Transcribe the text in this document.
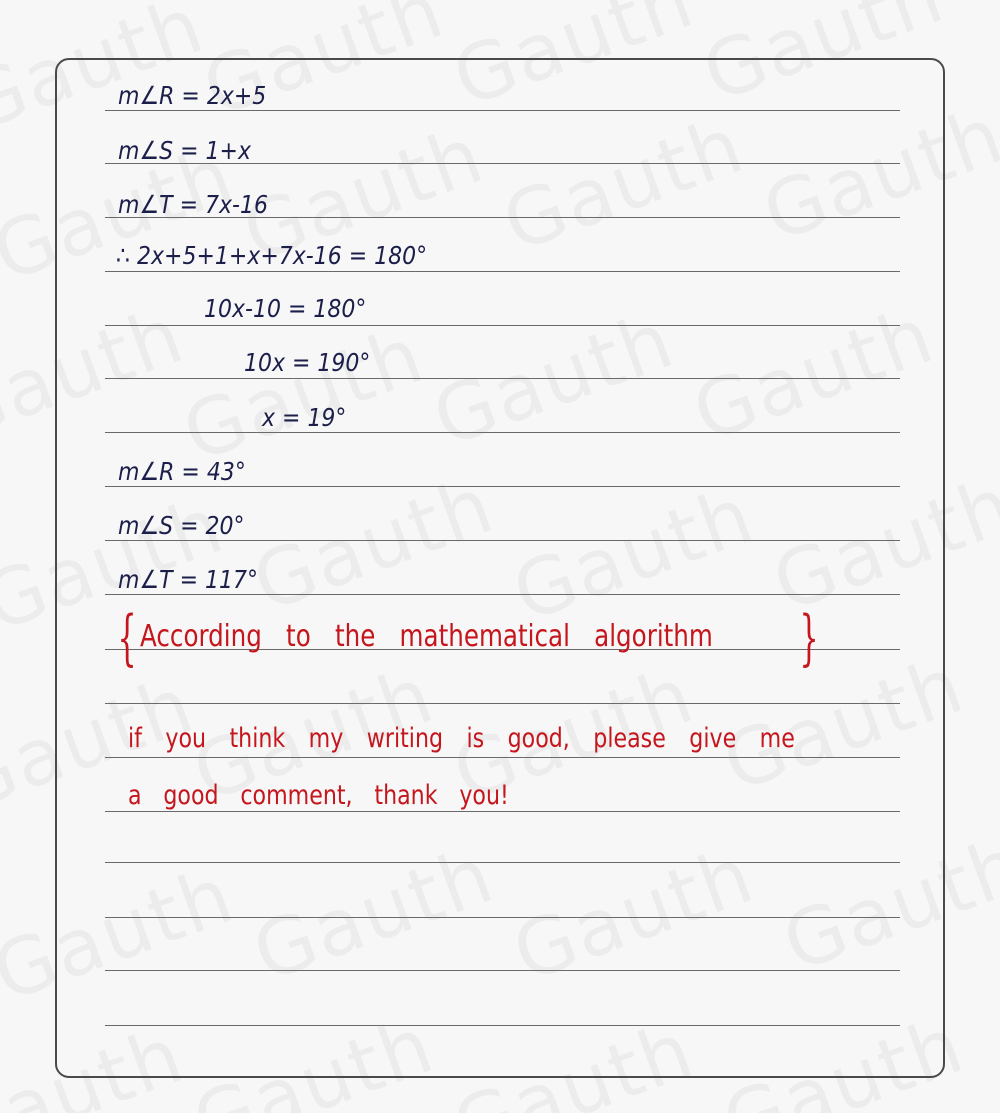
m∠R = 2x+5
m∠S = 1+x
m∠T = 7x-16
∴ 2x+5+1+x+7x-16 = 180°
10x-10 = 180°
10x = 190°
x = 19°
m∠R = 43°
m∠S = 20°
m∠T = 117°
{ According to the mathematical algorithm }
if you think my writing is good, please give me
a good comment, thank you!
